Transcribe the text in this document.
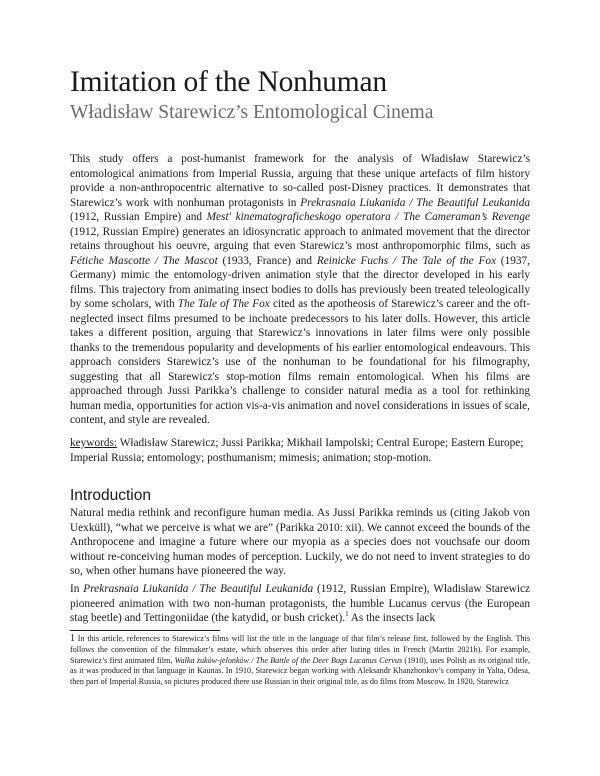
Imitation of the Nonhuman
Władisław Starewicz’s Entomological Cinema

This study offers a post-humanist framework for the analysis of Władisław Starewicz’s entomological animations from Imperial Russia, arguing that these unique artefacts of film history provide a non-anthropocentric alternative to so-called post-Disney practices. It demonstrates that Starewicz’s work with nonhuman protagonists in Prekrasnaia Liukanida / The Beautiful Leukanida (1912, Russian Empire) and Mest' kinematograficheskogo operatora / The Cameraman’s Revenge (1912, Russian Empire) generates an idiosyncratic approach to animated movement that the director retains throughout his oeuvre, arguing that even Starewicz’s most anthropomorphic films, such as Fétiche Mascotte / The Mascot (1933, France) and Reinicke Fuchs / The Tale of the Fox (1937, Germany) mimic the entomology-driven animation style that the director developed in his early films. This trajectory from animating insect bodies to dolls has previously been treated teleologically by some scholars, with The Tale of The Fox cited as the apotheosis of Starewicz’s career and the oft-neglected insect films presumed to be inchoate predecessors to his later dolls. However, this article takes a different position, arguing that Starewicz’s innovations in later films were only possible thanks to the tremendous popularity and developments of his earlier entomological endeavours. This approach considers Starewicz’s use of the nonhuman to be foundational for his filmography, suggesting that all Starewicz's stop-motion films remain entomological. When his films are approached through Jussi Parikka’s challenge to consider natural media as a tool for rethinking human media, opportunities for action vis-a-vis animation and novel considerations in issues of scale, content, and style are revealed.

keywords: Władisław Starewicz; Jussi Parikka; Mikhail Iampolski; Central Europe; Eastern Europe; Imperial Russia; entomology; posthumanism; mimesis; animation; stop-motion.

Introduction

Natural media rethink and reconfigure human media. As Jussi Parikka reminds us (citing Jakob von Uexküll), “what we perceive is what we are” (Parikka 2010: xii). We cannot exceed the bounds of the Anthropocene and imagine a future where our myopia as a species does not vouchsafe our doom without re-conceiving human modes of perception. Luckily, we do not need to invent strategies to do so, when other humans have pioneered the way.

In Prekrasnaia Liukanida / The Beautiful Leukanida (1912, Russian Empire), Władisław Starewicz pioneered animation with two non-human protagonists, the humble Lucanus cervus (the European stag beetle) and Tettingoniidae (the katydid, or bush cricket).$^1$ As the insects lack

1 In this article, references to Starewicz’s films will list the title in the language of that film’s release first, followed by the English. This follows the convention of the filmmaker’s estate, which observes this order after listing titles in French (Martin 2021b). For example, Starewicz’s first animated film, Walka żuków-jelonków / The Battle of the Deer Bugs Lucanus Cervus (1910), uses Polish as its original title, as it was produced in that language in Kaunas. In 1910, Starewicz began working with Aleksandr Khanzhonkov’s company in Yalta, Odesa, then part of Imperial Russia, so pictures produced there use Russian in their original title, as do films from Moscow. In 1920, Starewicz
